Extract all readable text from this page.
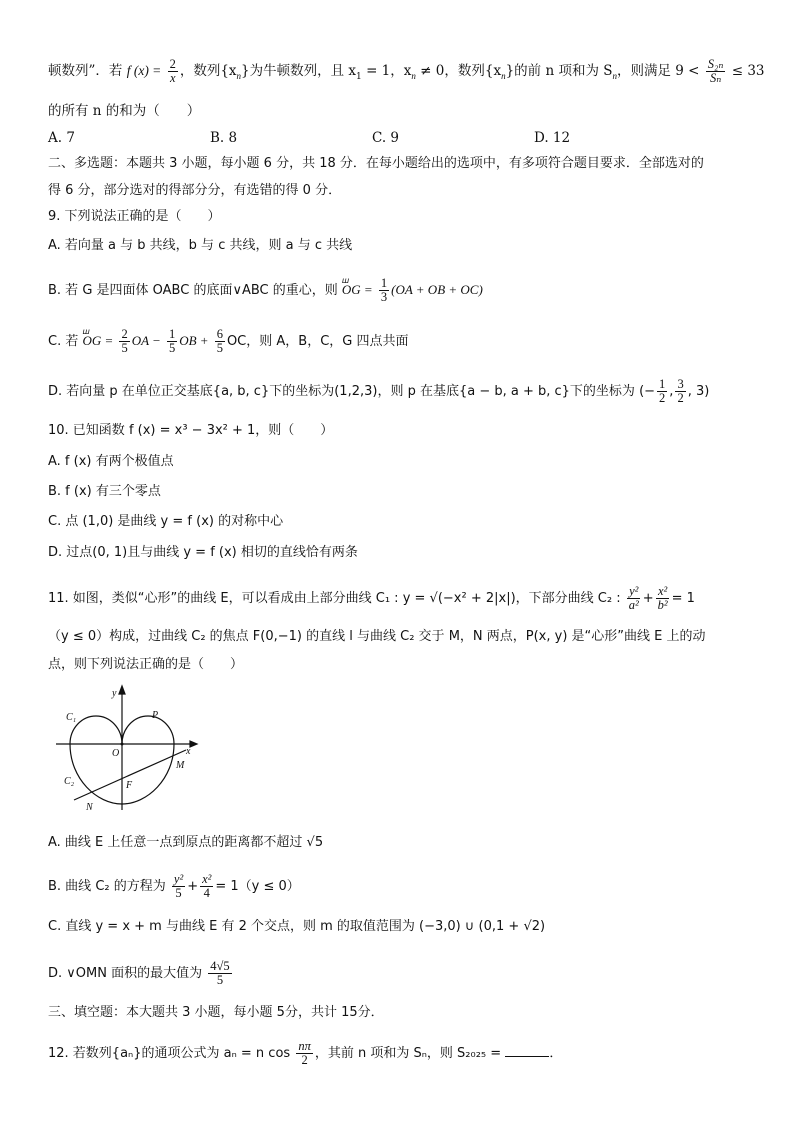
顿数列”．若 f $(x) = \frac{2}{x}$ ，数列$\{x_n\}$为牛顿数列，且 $x_1 = 1$，$x_n \ne 0$，数列$\{x_n\}$的前 n 项和为 $S_n$，则满足 $9 < \frac{\text{S₂ₙ}}{\text{Sₙ}} \le 33$
的所有 n 的和为（　　）
A. 7	B. 8	C. 9	D. 12
二、多选题：本题共 3 小题，每小题 6 分，共 18 分．在每小题给出的选项中，有多项符合题目要求．全部选对的
得 6 分，部分选对的得部分分，有选错的得 0 分．
9. 下列说法正确的是（　　）
A. 若向量 a 与 b 共线，b 与 c 共线，则 a 与 c 共线
B. 若 G 是四面体 OABC 的底面∨ABC 的重心，则 ш OG = $\frac{1}{3} (OA$ + OB + OC)
C. 若 ш OG = $\frac{2}{5}$ OA − $\frac{1}{5}$ OB + $\frac{6}{5}$ OC，则 A，B，C，G 四点共面
D. 若向量 p 在单位正交基底{a, b, c}下的坐标为(1,2,3)，则 p 在基底{a − b, a + b, c}下的坐标为 (− $\frac{1}{2}$ , $\frac{3}{2}$ , 3)
10. 已知函数 f (x) = x³ − 3x² + 1，则（　　）
A. f (x) 有两个极值点
B. f (x) 有三个零点
C. 点 (1,0) 是曲线 y = f (x) 的对称中心
D. 过点(0, 1)且与曲线 y = f (x) 相切的直线恰有两条
11. 如图，类似“心形”的曲线 E，可以看成由上部分曲线 C₁ : y = √(−x² + 2|x|)，下部分曲线 C₂ : $\frac{\text{y²}}{\text{a²}} + \frac{\text{x²}}{\text{b²}} = 1$
（y ≤ 0）构成，过曲线 C₂ 的焦点 F(0,−1) 的直线 l 与曲线 C₂ 交于 M，N 两点，P(x, y) 是“心形”曲线 E 上的动
点，则下列说法正确的是（　　）
y
x
O
C₁	P
C₂
M
F
N
A. 曲线 E 上任意一点到原点的距离都不超过 √5
B. 曲线 C₂ 的方程为 $\frac{\text{y²}}{5} + \frac{\text{x²}}{4} = 1(y \le 0)$
C. 直线 y = x + m 与曲线 E 有 2 个交点，则 m 的取值范围为 (−3,0) ∪ (0,1 + √2)
D. ∨OMN 面积的最大值为 $\frac{4√5}{5}$
三、填空题：本大题共 3 小题，每小题 5分，共计 15分．
12. 若数列{aₙ}的通项公式为 aₙ = n $\cos \frac{n\pi}{2}$ ，其前 n 项和为 Sₙ，则 S₂₀₂₅ =	．
